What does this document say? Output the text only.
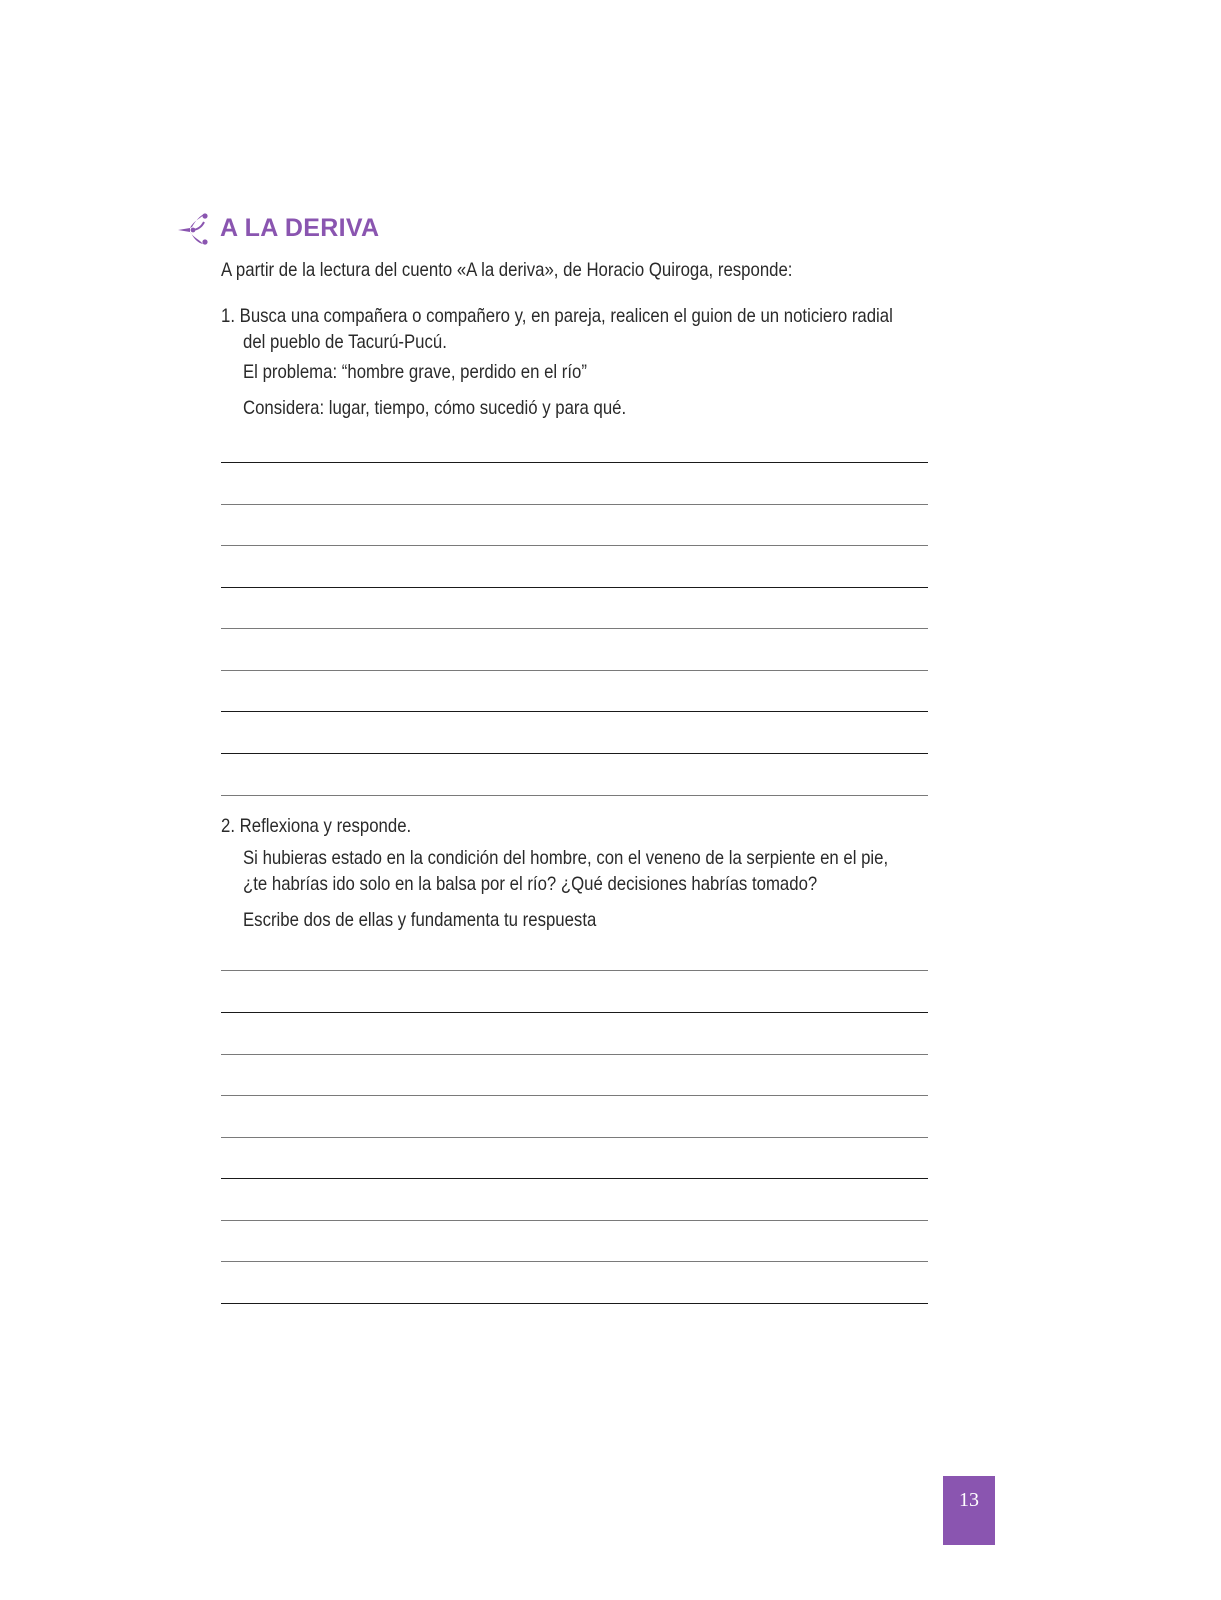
A LA DERIVA
A partir de la lectura del cuento «A la deriva», de Horacio Quiroga, responde:
1. Busca una compañera o compañero y, en pareja, realicen el guion de un noticiero radial
del pueblo de Tacurú-Pucú.
El problema: “hombre grave, perdido en el río”
Considera: lugar, tiempo, cómo sucedió y para qué.
2. Reflexiona y responde.
Si hubieras estado en la condición del hombre, con el veneno de la serpiente en el pie,
¿te habrías ido solo en la balsa por el río? ¿Qué decisiones habrías tomado?
Escribe dos de ellas y fundamenta tu respuesta
13
